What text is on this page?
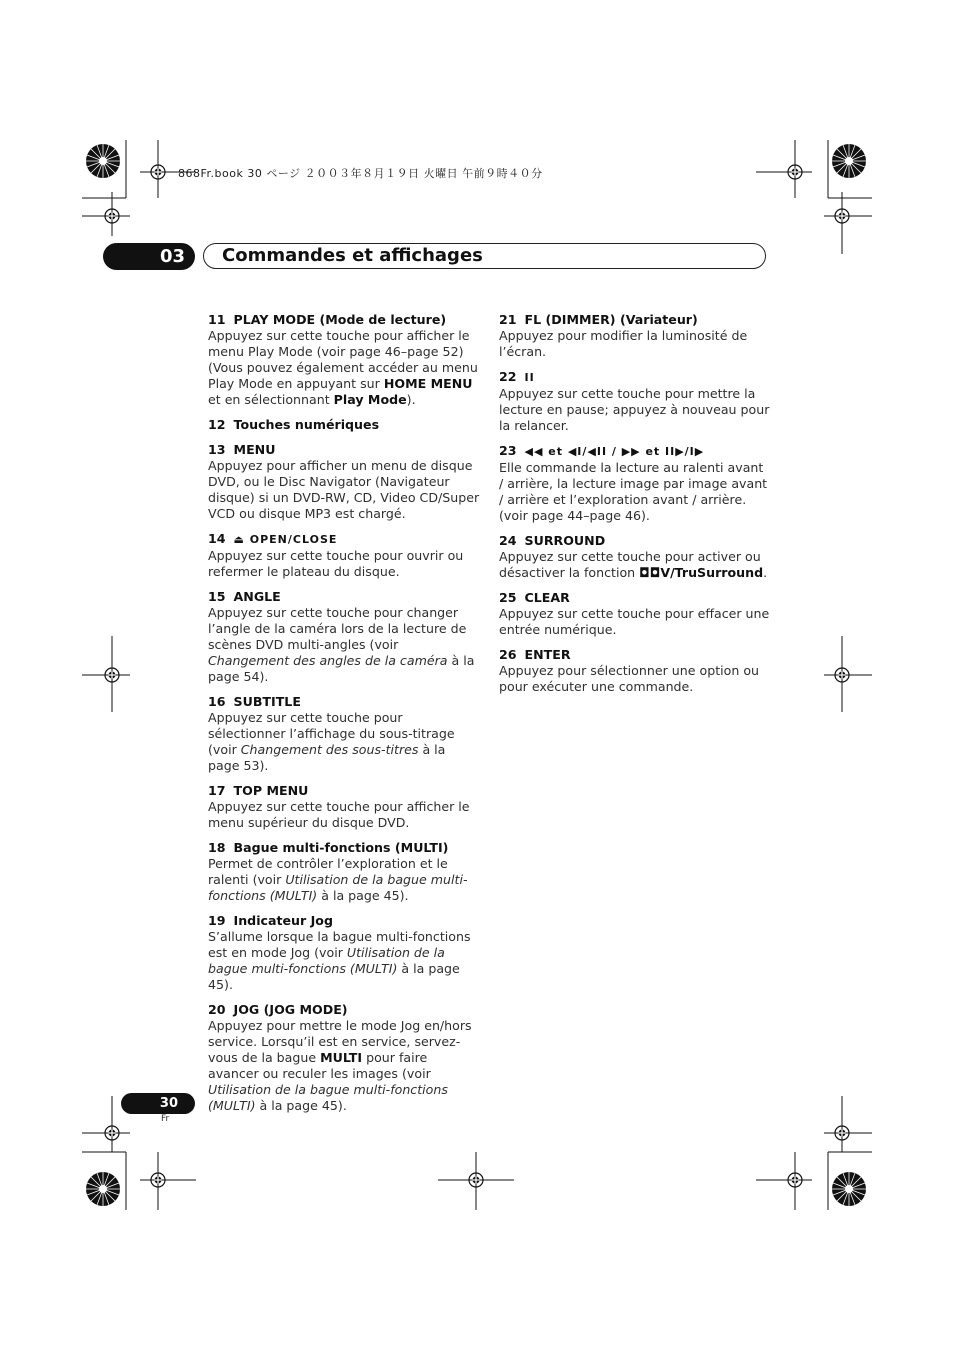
868Fr.book 30 ページ ２００３年８月１９日 火曜日 午前９時４０分
03	Commandes et affichages

11 PLAY MODE (Mode de lecture)

Appuyez sur cette touche pour afficher le menu Play Mode (voir page 46–page 52) (Vous pouvez également accéder au menu Play Mode en appuyant sur HOME MENU et en sélectionnant Play Mode).

12 Touches numériques

13 MENU

Appuyez pour afficher un menu de disque DVD, ou le Disc Navigator (Navigateur disque) si un DVD-RW, CD, Video CD/Super VCD ou disque MP3 est chargé.

14 ⏏ OPEN/CLOSE

Appuyez sur cette touche pour ouvrir ou refermer le plateau du disque.

15 ANGLE

Appuyez sur cette touche pour changer l’angle de la caméra lors de la lecture de scènes DVD multi-angles (voir Changement des angles de la caméra à la page 54).

16 SUBTITLE

Appuyez sur cette touche pour sélectionner l’affichage du sous-titrage (voir Changement des sous-titres à la page 53).

17 TOP MENU

Appuyez sur cette touche pour afficher le menu supérieur du disque DVD.

18 Bague multi-fonctions (MULTI)

Permet de contrôler l’exploration et le ralenti (voir Utilisation de la bague multi-fonctions (MULTI) à la page 45).

19 Indicateur Jog

S’allume lorsque la bague multi-fonctions est en mode Jog (voir Utilisation de la bague multi-fonctions (MULTI) à la page 45).

20 JOG (JOG MODE)

Appuyez pour mettre le mode Jog en/hors service. Lorsqu’il est en service, servez-vous de la bague MULTI pour faire avancer ou reculer les images (voir Utilisation de la bague multi-fonctions (MULTI) à la page 45).

21 FL (DIMMER) (Variateur)

Appuyez pour modifier la luminosité de l’écran.

22 II

Appuyez sur cette touche pour mettre la lecture en pause; appuyez à nouveau pour la relancer.

23 ◀◀ et ◀I/◀II / ▶▶ et II▶/I▶

Elle commande la lecture au ralenti avant / arrière, la lecture image par image avant / arrière et l’exploration avant / arrière. (voir page 44–page 46).

24 SURROUND

Appuyez sur cette touche pour activer ou désactiver la fonction ◘◘V/TruSurround.

25 CLEAR

Appuyez sur cette touche pour effacer une entrée numérique.

26 ENTER

Appuyez pour sélectionner une option ou pour exécuter une commande.

30
Fr
